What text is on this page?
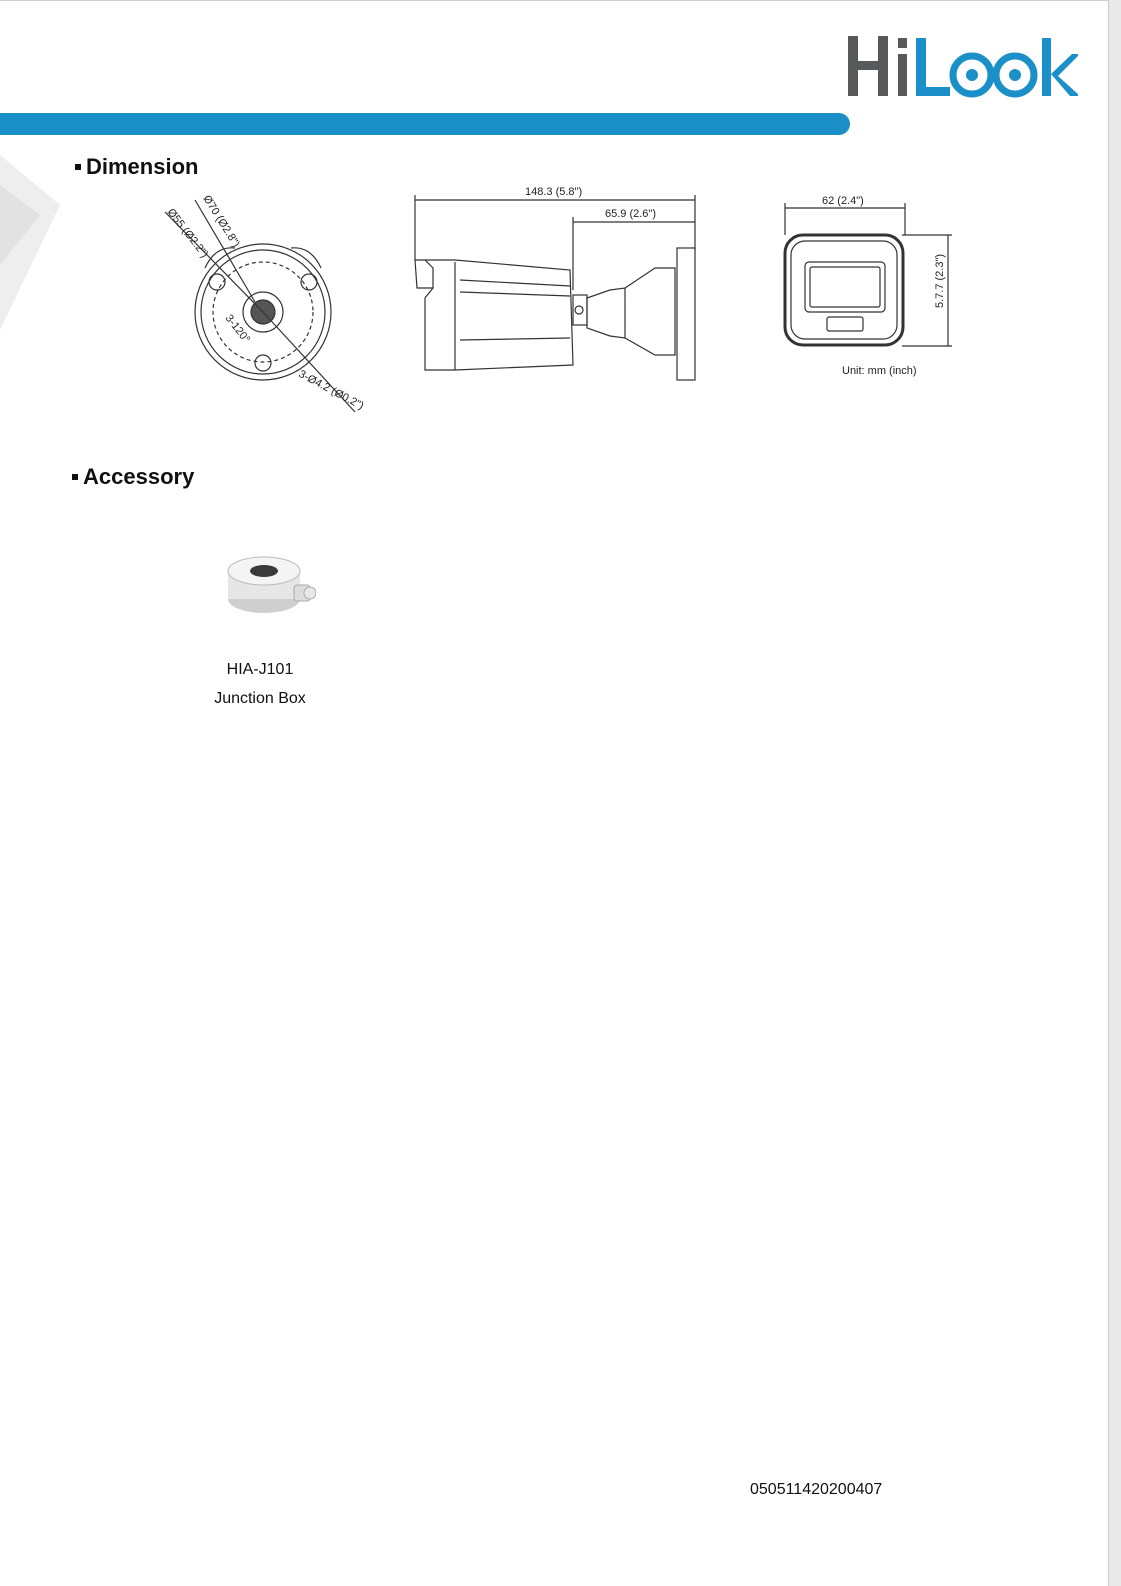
Dimension
Ø55 (Ø2.2")
Ø70 (Ø2.8")
3-120°
3-Ø4.2 (Ø0.2")
148.3 (5.8")
65.9 (2.6")
62 (2.4")
5.7.7 (2.3")
Unit: mm (inch)
Accessory
HIA-J101
Junction Box
050511420200407
